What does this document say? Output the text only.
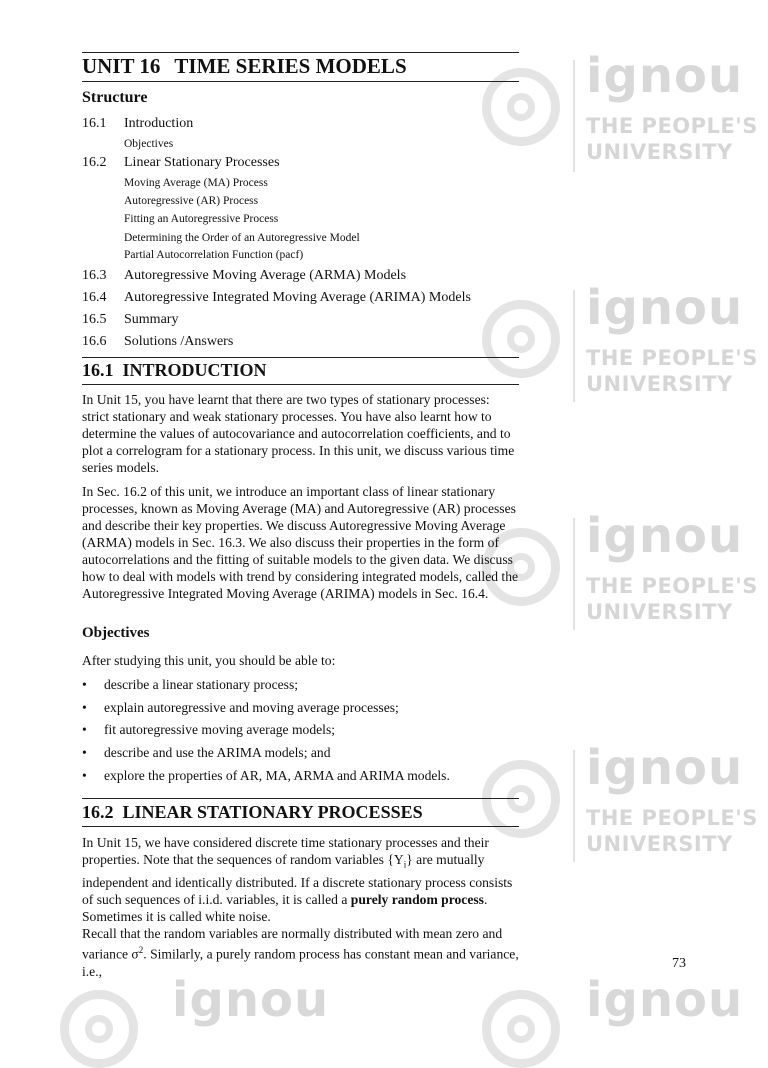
ignou
THE PEOPLE'S
UNIVERSITY
ignou
THE PEOPLE'S
UNIVERSITY
ignou
THE PEOPLE'S
UNIVERSITY
ignou
THE PEOPLE'S
UNIVERSITY
ignou	ignou
UNIT 16 TIME SERIES MODELS
Structure
16.1 Introduction
Objectives
16.2 Linear Stationary Processes
Moving Average (MA) Process
Autoregressive (AR) Process
Fitting an Autoregressive Process
Determining the Order of an Autoregressive Model
Partial Autocorrelation Function (pacf)
16.3 Autoregressive Moving Average (ARMA) Models
16.4 Autoregressive Integrated Moving Average (ARIMA) Models
16.5 Summary
16.6 Solutions /Answers
16.1  INTRODUCTION
In Unit 15, you have learnt that there are two types of stationary processes: strict stationary and weak stationary processes. You have also learnt how to determine the values of autocovariance and autocorrelation coefficients, and to plot a correlogram for a stationary process. In this unit, we discuss various time series models.
In Sec. 16.2 of this unit, we introduce an important class of linear stationary processes, known as Moving Average (MA) and Autoregressive (AR) processes and describe their key properties. We discuss Autoregressive Moving Average (ARMA) models in Sec. 16.3. We also discuss their properties in the form of autocorrelations and the fitting of suitable models to the given data. We discuss how to deal with models with trend by considering integrated models, called the Autoregressive Integrated Moving Average (ARIMA) models in Sec. 16.4.
Objectives
After studying this unit, you should be able to:
• describe a linear stationary process;
• explain autoregressive and moving average processes;
• fit autoregressive moving average models;
• describe and use the ARIMA models; and
• explore the properties of AR, MA, ARMA and ARIMA models.
16.2  LINEAR STATIONARY PROCESSES
In Unit 15, we have considered discrete time stationary processes and their properties. Note that the sequences of random variables $\{Y_i\}$ are mutually independent and identically distributed. If a discrete stationary process consists of such sequences of i.i.d. variables, it is called a purely random process. Sometimes it is called white noise.
Recall that the random variables are normally distributed with mean zero and variance $\sigma^2$. Similarly, a purely random process has constant mean and variance, i.e.,
73
